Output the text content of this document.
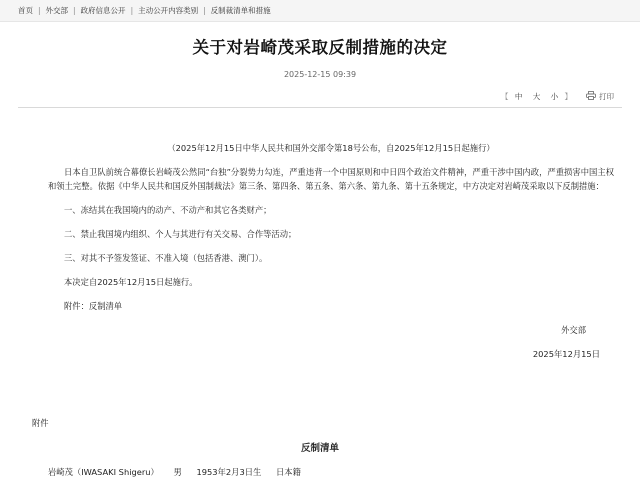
首页 | 外交部 | 政府信息公开 | 主动公开内容类别 | 反制裁清单和措施
关于对岩崎茂采取反制措施的决定
2025-12-15 09:39
【 中 大 小 】	打印

（2025年12月15日中华人民共和国外交部令第18号公布，自2025年12月15日起施行）

日本自卫队前统合幕僚长岩崎茂公然同“台独”分裂势力勾连，严重违背一个中国原则和中日四个政治文件精神，严重干涉中国内政，严重损害中国主权和领土完整。依据《中华人民共和国反外国制裁法》第三条、第四条、第五条、第六条、第九条、第十五条规定，中方决定对岩崎茂采取以下反制措施：

一、冻结其在我国境内的动产、不动产和其它各类财产；

二、禁止我国境内组织、个人与其进行有关交易、合作等活动；

三、对其不予签发签证、不准入境（包括香港、澳门）。

本决定自2025年12月15日起施行。

附件：反制清单

外交部

2025年12月15日

附件
反制清单
岩崎茂（IWASAKI Shigeru） 男 1953年2月3日生 日本籍
